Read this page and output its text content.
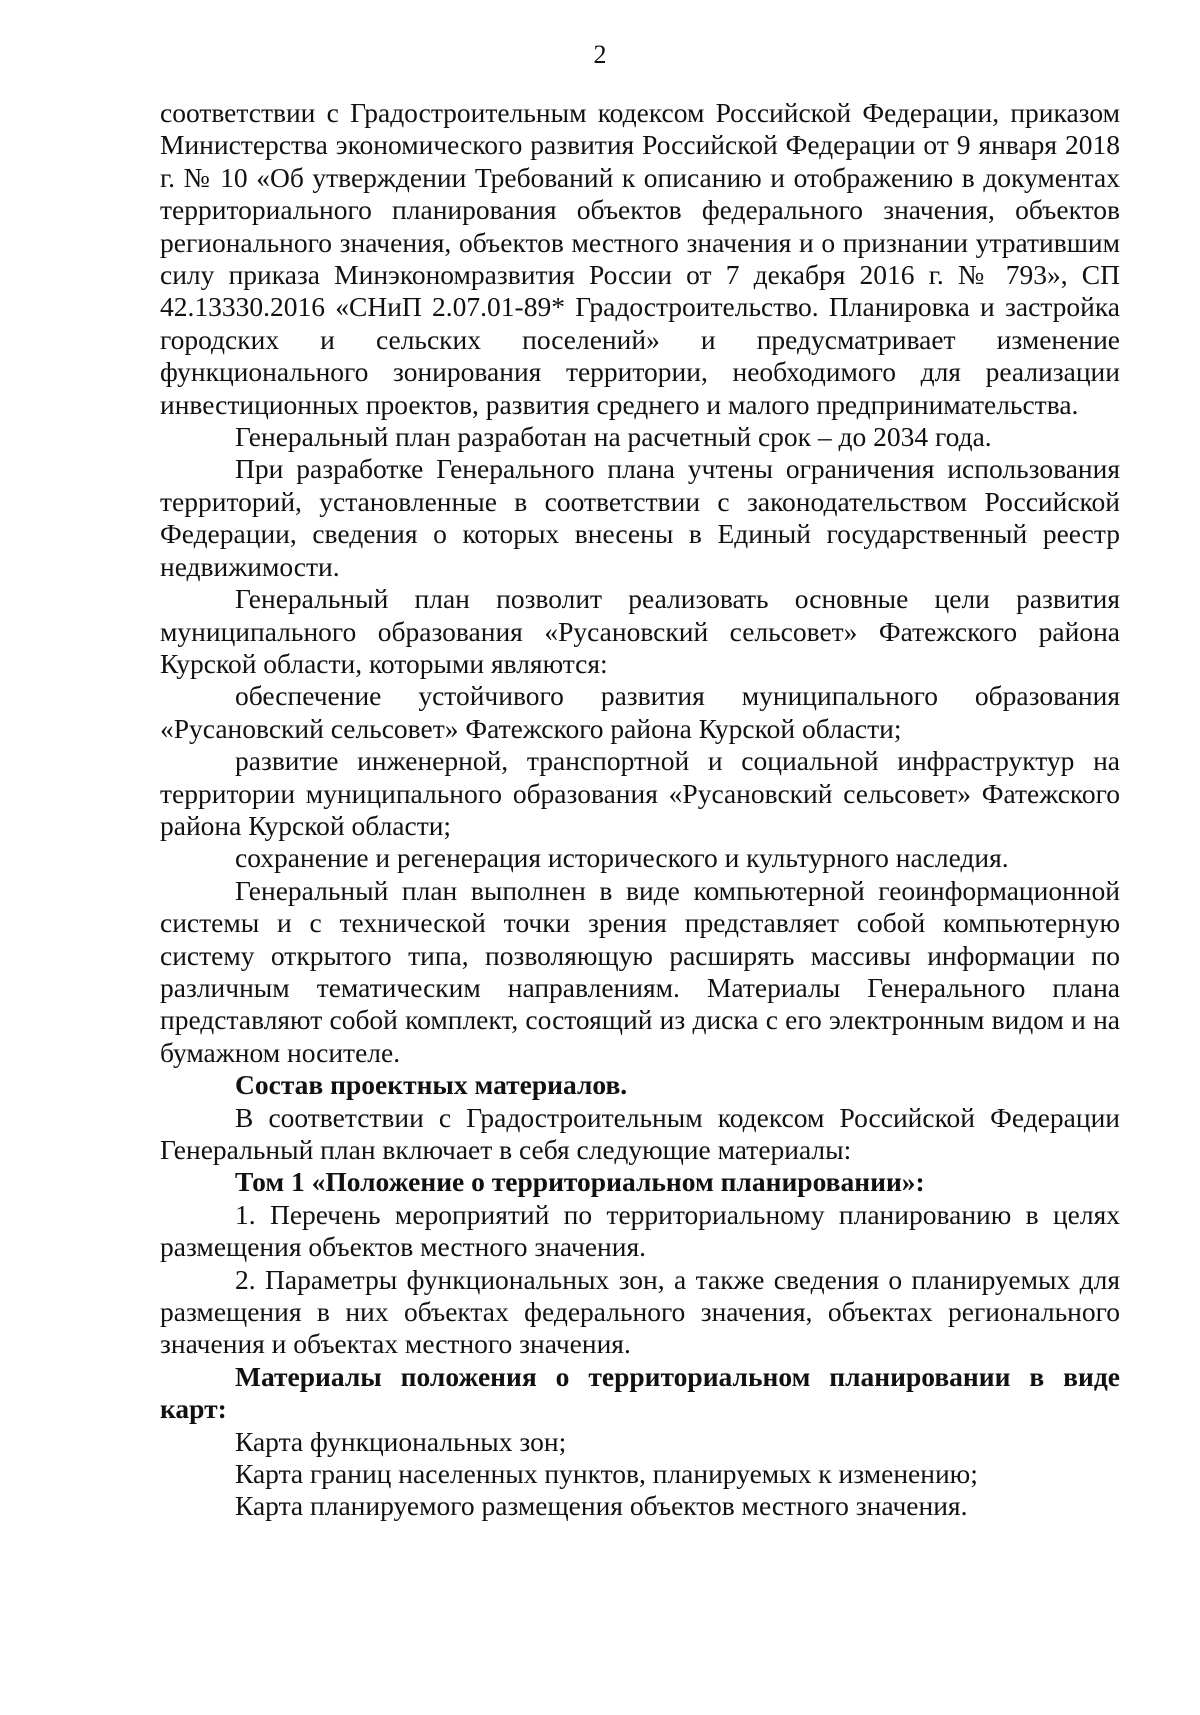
2

соответствии с Градостроительным кодексом Российской Федерации, приказом Министерства экономического развития Российской Федерации от 9 января 2018 г. № 10 «Об утверждении Требований к описанию и отображению в документах территориального планирования объектов федерального значения, объектов регионального значения, объектов местного значения и о признании утратившим силу приказа Минэкономразвития России от 7 декабря 2016 г. № 793», СП 42.13330.2016 «СНиП 2.07.01-89* Градостроительство. Планировка и застройка городских и сельских поселений» и предусматривает изменение функционального зонирования территории, необходимого для реализации инвестиционных проектов, развития среднего и малого предпринимательства.

Генеральный план разработан на расчетный срок – до 2034 года.

При разработке Генерального плана учтены ограничения использования территорий, установленные в соответствии с законодательством Российской Федерации, сведения о которых внесены в Единый государственный реестр недвижимости.

Генеральный план позволит реализовать основные цели развития муниципального образования «Русановский сельсовет» Фатежского района Курской области, которыми являются:

обеспечение устойчивого развития муниципального образования «Русановский сельсовет» Фатежского района Курской области;

развитие инженерной, транспортной и социальной инфраструктур на территории муниципального образования «Русановский сельсовет» Фатежского района Курской области;

сохранение и регенерация исторического и культурного наследия.

Генеральный план выполнен в виде компьютерной геоинформационной системы и с технической точки зрения представляет собой компьютерную систему открытого типа, позволяющую расширять массивы информации по различным тематическим направлениям. Материалы Генерального плана представляют собой комплект, состоящий из диска с его электронным видом и на бумажном носителе.

Состав проектных материалов.

В соответствии с Градостроительным кодексом Российской Федерации Генеральный план включает в себя следующие материалы:

Том 1 «Положение о территориальном планировании»:

1. Перечень мероприятий по территориальному планированию в целях размещения объектов местного значения.

2. Параметры функциональных зон, а также сведения о планируемых для размещения в них объектах федерального значения, объектах регионального значения и объектах местного значения.

Материалы положения о территориальном планировании в виде карт:

Карта функциональных зон;

Карта границ населенных пунктов, планируемых к изменению;

Карта планируемого размещения объектов местного значения.
